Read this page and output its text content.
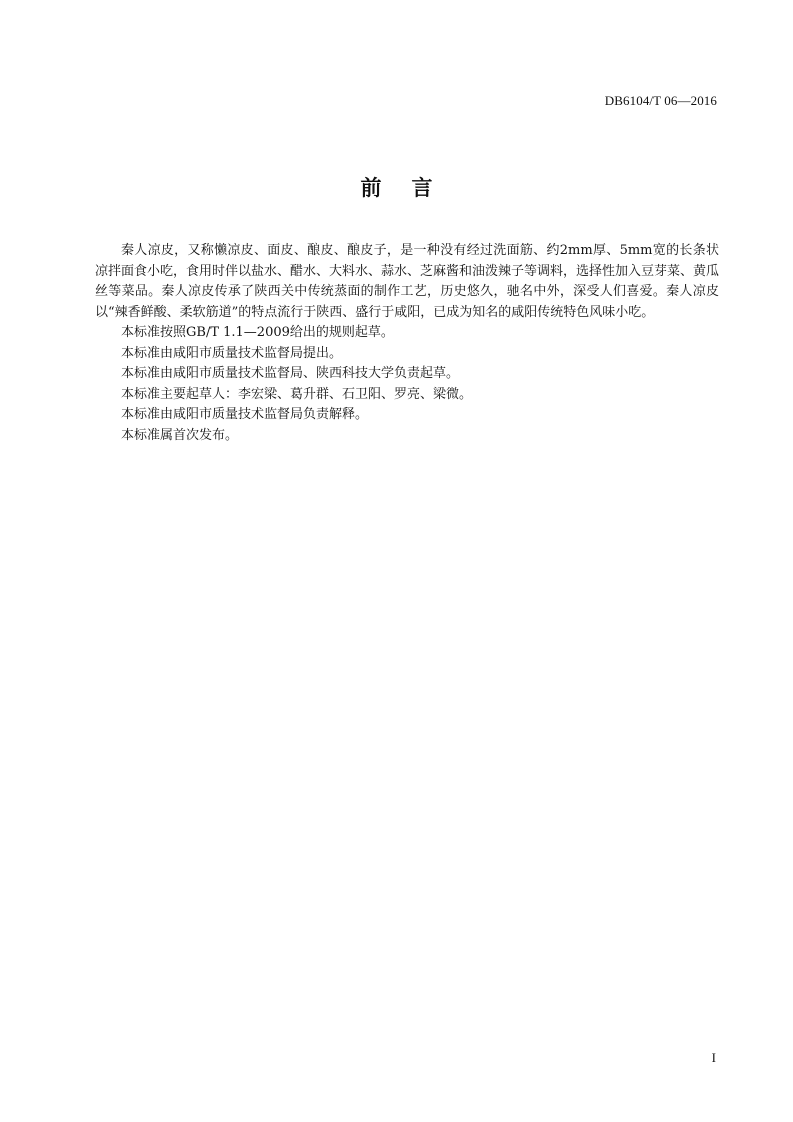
DB6104/T 06—2016
前 言

秦人凉皮，又称懒凉皮、面皮、酿皮、酿皮子，是一种没有经过洗面筋、约2mm厚、5mm宽的长条状凉拌面食小吃，食用时伴以盐水、醋水、大料水、蒜水、芝麻酱和油泼辣子等调料，选择性加入豆芽菜、黄瓜丝等菜品。秦人凉皮传承了陕西关中传统蒸面的制作工艺，历史悠久，驰名中外，深受人们喜爱。秦人凉皮以“辣香鲜酸、柔软筋道”的特点流行于陕西、盛行于咸阳，已成为知名的咸阳传统特色风味小吃。

本标准按照GB/T 1.1—2009给出的规则起草。

本标准由咸阳市质量技术监督局提出。

本标准由咸阳市质量技术监督局、陕西科技大学负责起草。

本标准主要起草人：李宏梁、葛升群、石卫阳、罗亮、梁微。

本标准由咸阳市质量技术监督局负责解释。

本标准属首次发布。

I
